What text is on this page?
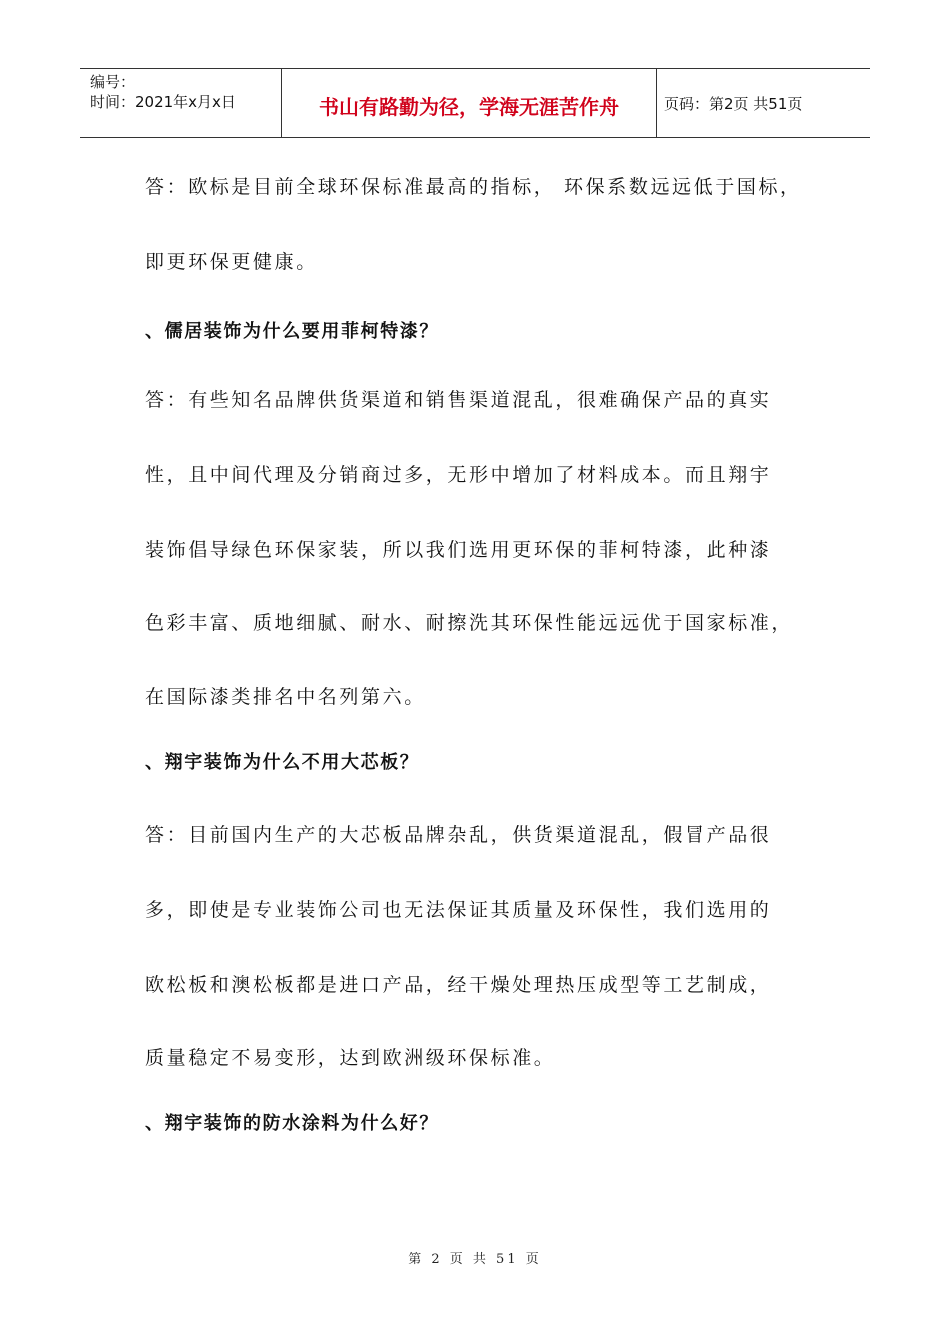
编号：
时间：2021年x月x日	书山有路勤为径，学海无涯苦作舟	页码：第2页 共51页
答：欧标是目前全球环保标准最高的指标， 环保系数远远低于国标，
即更环保更健康。
、儒居装饰为什么要用菲柯特漆？
答：有些知名品牌供货渠道和销售渠道混乱，很难确保产品的真实
性，且中间代理及分销商过多，无形中增加了材料成本。而且翔宇
装饰倡导绿色环保家装，所以我们选用更环保的菲柯特漆，此种漆
色彩丰富、质地细腻、耐水、耐擦洗其环保性能远远优于国家标准，
在国际漆类排名中名列第六。
、翔宇装饰为什么不用大芯板？
答：目前国内生产的大芯板品牌杂乱，供货渠道混乱，假冒产品很
多，即使是专业装饰公司也无法保证其质量及环保性，我们选用的
欧松板和澳松板都是进口产品，经干燥处理热压成型等工艺制成，
质量稳定不易变形，达到欧洲级环保标准。
、翔宇装饰的防水涂料为什么好？
第 2 页 共 51 页
